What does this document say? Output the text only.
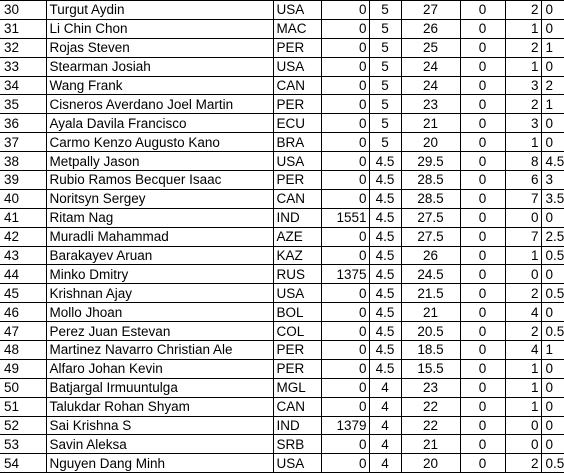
30	Turgut Aydin	USA	0	5	27	0	2	0
31	Li Chin Chon	MAC	0	5	26	0	1	0
32	Rojas Steven	PER	0	5	25	0	2	1
33	Stearman Josiah	USA	0	5	24	0	1	0
34	Wang Frank	CAN	0	5	24	0	3	2
35	Cisneros Averdano Joel Martin	PER	0	5	23	0	2	1
36	Ayala Davila Francisco	ECU	0	5	21	0	3	0
37	Carmo Kenzo Augusto Kano	BRA	0	5	20	0	1	0
38	Metpally Jason	USA	0	4.5	29.5	0	8	4.5
39	Rubio Ramos Becquer Isaac	PER	0	4.5	28.5	0	6	3
40	Noritsyn Sergey	CAN	0	4.5	28.5	0	7	3.5
41	Ritam Nag	IND	1551	4.5	27.5	0	0	0
42	Muradli Mahammad	AZE	0	4.5	27.5	0	7	2.5
43	Barakayev Aruan	KAZ	0	4.5	26	0	1	0.5
44	Minko Dmitry	RUS	1375	4.5	24.5	0	0	0
45	Krishnan Ajay	USA	0	4.5	21.5	0	2	0.5
46	Mollo Jhoan	BOL	0	4.5	21	0	4	0
47	Perez Juan Estevan	COL	0	4.5	20.5	0	2	0.5
48	Martinez Navarro Christian Ale	PER	0	4.5	18.5	0	4	1
49	Alfaro Johan Kevin	PER	0	4.5	15.5	0	1	0
50	Batjargal Irmuuntulga	MGL	0	4	23	0	1	0
51	Talukdar Rohan Shyam	CAN	0	4	22	0	1	0
52	Sai Krishna S	IND	1379	4	22	0	0	0
53	Savin Aleksa	SRB	0	4	21	0	0	0
54	Nguyen Dang Minh	USA	0	4	20	0	2	0.5
